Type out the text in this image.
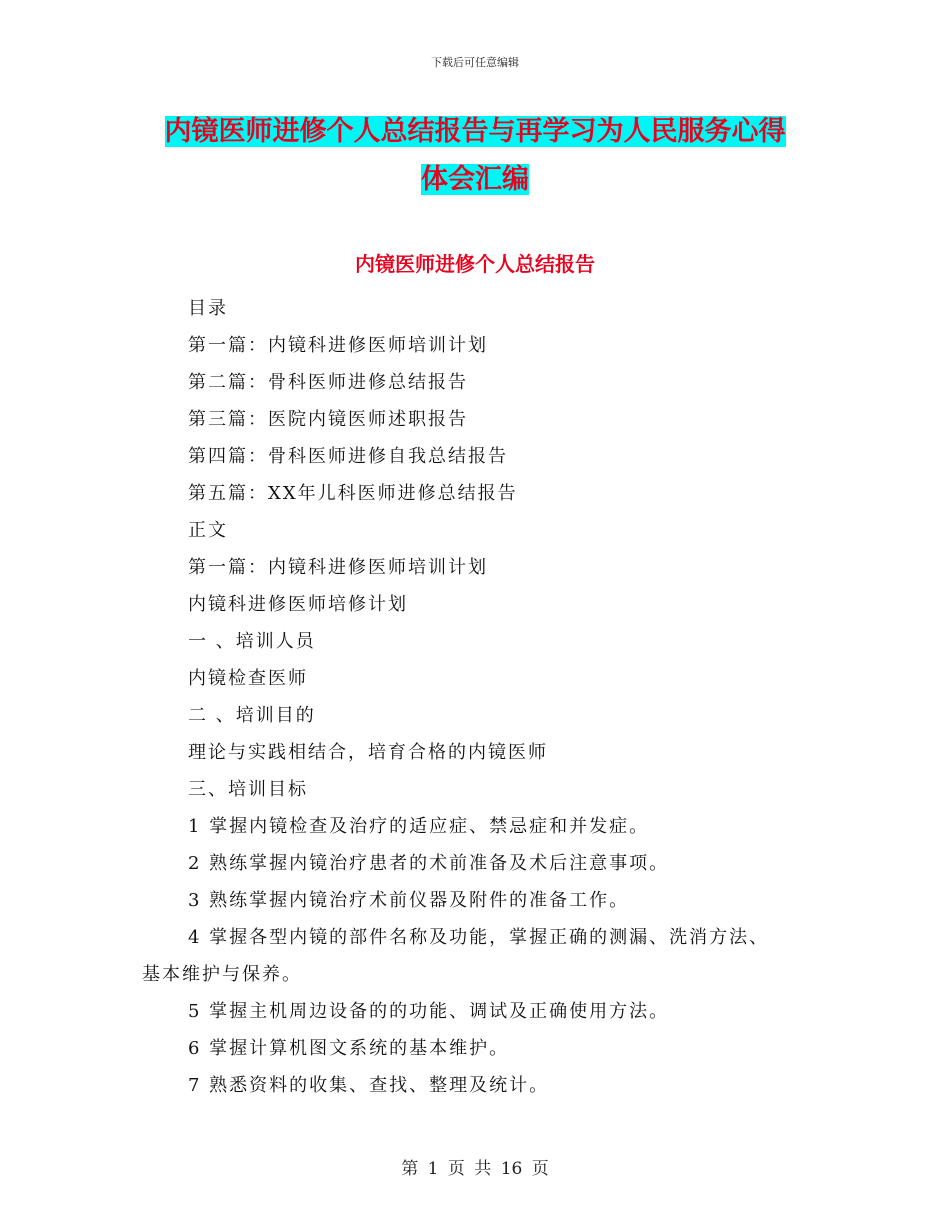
下载后可任意编辑
内镜医师进修个人总结报告与再学习为人民服务心得
体会汇编
内镜医师进修个人总结报告
目录
第一篇：内镜科进修医师培训计划
第二篇：骨科医师进修总结报告
第三篇：医院内镜医师述职报告
第四篇：骨科医师进修自我总结报告
第五篇：XX年儿科医师进修总结报告
正文
第一篇：内镜科进修医师培训计划
内镜科进修医师培修计划
一 、培训人员
内镜检查医师
二 、培训目的
理论与实践相结合，培育合格的内镜医师
三、培训目标
1 掌握内镜检查及治疗的适应症、禁忌症和并发症。
2 熟练掌握内镜治疗患者的术前准备及术后注意事项。
3 熟练掌握内镜治疗术前仪器及附件的准备工作。
4 掌握各型内镜的部件名称及功能，掌握正确的测漏、洗消方法、
基本维护与保养。
5 掌握主机周边设备的的功能、调试及正确使用方法。
6 掌握计算机图文系统的基本维护。
7 熟悉资料的收集、查找、整理及统计。
第 1 页 共 16 页
